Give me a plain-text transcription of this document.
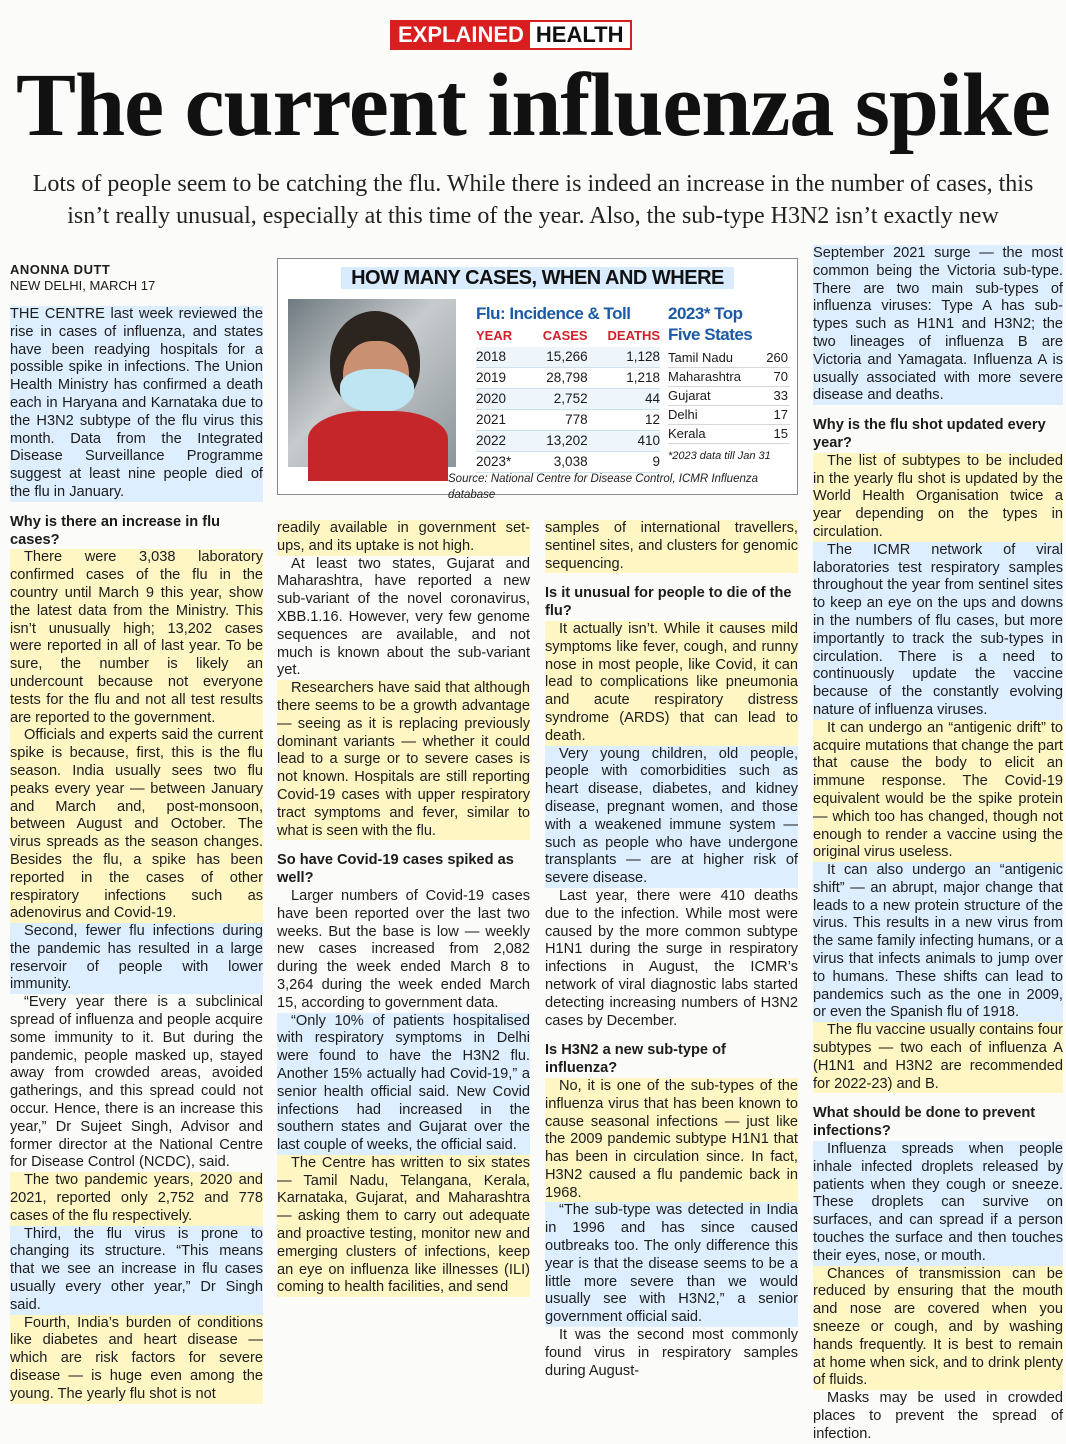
EXPLAINED HEALTH
The current influenza spike
Lots of people seem to be catching the flu. While there is indeed an increase in the number of cases, this isn’t really unusual, especially at this time of the year. Also, the sub-type H3N2 isn’t exactly new
ANONNA DUTT
NEW DELHI, MARCH 17

THE CENTRE last week reviewed the rise in cases of influenza, and states have been readying hospitals for a possible spike in infections. The Union Health Ministry has confirmed a death each in Haryana and Karnataka due to the H3N2 subtype of the flu virus this month. Data from the Integrated Disease Surveillance Programme suggest at least nine people died of the flu in January.

Why is there an increase in flu cases?

There were 3,038 laboratory confirmed cases of the flu in the country until March 9 this year, show the latest data from the Ministry. This isn’t unusually high; 13,202 cases were reported in all of last year. To be sure, the number is likely an undercount because not everyone tests for the flu and not all test results are reported to the government.

Officials and experts said the current spike is because, first, this is the flu season. India usually sees two flu peaks every year — between January and March and, post-monsoon, between August and October. The virus spreads as the season changes. Besides the flu, a spike has been reported in the cases of other respiratory infections such as adenovirus and Covid-19.

Second, fewer flu infections during the pandemic has resulted in a large reservoir of people with lower immunity.

“Every year there is a subclinical spread of influenza and people acquire some immunity to it. But during the pandemic, people masked up, stayed away from crowded areas, avoided gatherings, and this spread could not occur. Hence, there is an increase this year,” Dr Sujeet Singh, Advisor and former director at the National Centre for Disease Control (NCDC), said.

The two pandemic years, 2020 and 2021, reported only 2,752 and 778 cases of the flu respectively.

Third, the flu virus is prone to changing its structure. “This means that we see an increase in flu cases usually every other year,” Dr Singh said.

Fourth, India’s burden of conditions like diabetes and heart disease — which are risk factors for severe disease — is huge even among the young. The yearly flu shot is not

HOW MANY CASES, WHEN AND WHERE
Flu: Incidence & Toll
YEAR	CASES	DEATHS
2018	15,266	1,128
2019	28,798	1,218
2020	2,752	44
2021	778	12
2022	13,202	410
2023*	3,038	9
2023* Top
Five States
Tamil Nadu	260
Maharashtra	70
Gujarat	33
Delhi	17
Kerala	15
*2023 data till Jan 31
Source: National Centre for Disease Control, ICMR Influenza database

readily available in government set-ups, and its uptake is not high.

At least two states, Gujarat and Maharashtra, have reported a new sub-variant of the novel coronavirus, XBB.1.16. However, very few genome sequences are available, and not much is known about the sub-variant yet.

Researchers have said that although there seems to be a growth advantage — seeing as it is replacing previously dominant variants — whether it could lead to a surge or to severe cases is not known. Hospitals are still reporting Covid-19 cases with upper respiratory tract symptoms and fever, similar to what is seen with the flu.

So have Covid-19 cases spiked as well?

Larger numbers of Covid-19 cases have been reported over the last two weeks. But the base is low — weekly new cases increased from 2,082 during the week ended March 8 to 3,264 during the week ended March 15, according to government data.

“Only 10% of patients hospitalised with respiratory symptoms in Delhi were found to have the H3N2 flu. Another 15% actually had Covid-19,” a senior health official said. New Covid infections had increased in the southern states and Gujarat over the last couple of weeks, the official said.

The Centre has written to six states — Tamil Nadu, Telangana, Kerala, Karnataka, Gujarat, and Maharashtra — asking them to carry out adequate and proactive testing, monitor new and emerging clusters of infections, keep an eye on influenza like illnesses (ILI) coming to health facilities, and send

samples of international travellers, sentinel sites, and clusters for genomic sequencing.

Is it unusual for people to die of the flu?

It actually isn’t. While it causes mild symptoms like fever, cough, and runny nose in most people, like Covid, it can lead to complications like pneumonia and acute respiratory distress syndrome (ARDS) that can lead to death.

Very young children, old people, people with comorbidities such as heart disease, diabetes, and kidney disease, pregnant women, and those with a weakened immune system — such as people who have undergone transplants — are at higher risk of severe disease.

Last year, there were 410 deaths due to the infection. While most were caused by the more common subtype H1N1 during the surge in respiratory infections in August, the ICMR’s network of viral diagnostic labs started detecting increasing numbers of H3N2 cases by December.

Is H3N2 a new sub-type of influenza?

No, it is one of the sub-types of the influenza virus that has been known to cause seasonal infections — just like the 2009 pandemic subtype H1N1 that has been in circulation since. In fact, H3N2 caused a flu pandemic back in 1968.

“The sub-type was detected in India in 1996 and has since caused outbreaks too. The only difference this year is that the disease seems to be a little more severe than we would usually see with H3N2,” a senior government official said.

It was the second most commonly found virus in respiratory samples during August-

September 2021 surge — the most common being the Victoria sub-type. There are two main sub-types of influenza viruses: Type A has sub-types such as H1N1 and H3N2; the two lineages of influenza B are Victoria and Yamagata. Influenza A is usually associated with more severe disease and deaths.

Why is the flu shot updated every year?

The list of subtypes to be included in the yearly flu shot is updated by the World Health Organisation twice a year depending on the types in circulation.

The ICMR network of viral laboratories test respiratory samples throughout the year from sentinel sites to keep an eye on the ups and downs in the numbers of flu cases, but more importantly to track the sub-types in circulation. There is a need to continuously update the vaccine because of the constantly evolving nature of influenza viruses.

It can undergo an “antigenic drift” to acquire mutations that change the part that cause the body to elicit an immune response. The Covid-19 equivalent would be the spike protein — which too has changed, though not enough to render a vaccine using the original virus useless.

It can also undergo an “antigenic shift” — an abrupt, major change that leads to a new protein structure of the virus. This results in a new virus from the same family infecting humans, or a virus that infects animals to jump over to humans. These shifts can lead to pandemics such as the one in 2009, or even the Spanish flu of 1918.

The flu vaccine usually contains four subtypes — two each of influenza A (H1N1 and H3N2 are recommended for 2022-23) and B.

What should be done to prevent infections?

Influenza spreads when people inhale infected droplets released by patients when they cough or sneeze. These droplets can survive on surfaces, and can spread if a person touches the surface and then touches their eyes, nose, or mouth.

Chances of transmission can be reduced by ensuring that the mouth and nose are covered when you sneeze or cough, and by washing hands frequently. It is best to remain at home when sick, and to drink plenty of fluids.

Masks may be used in crowded places to prevent the spread of infection.
